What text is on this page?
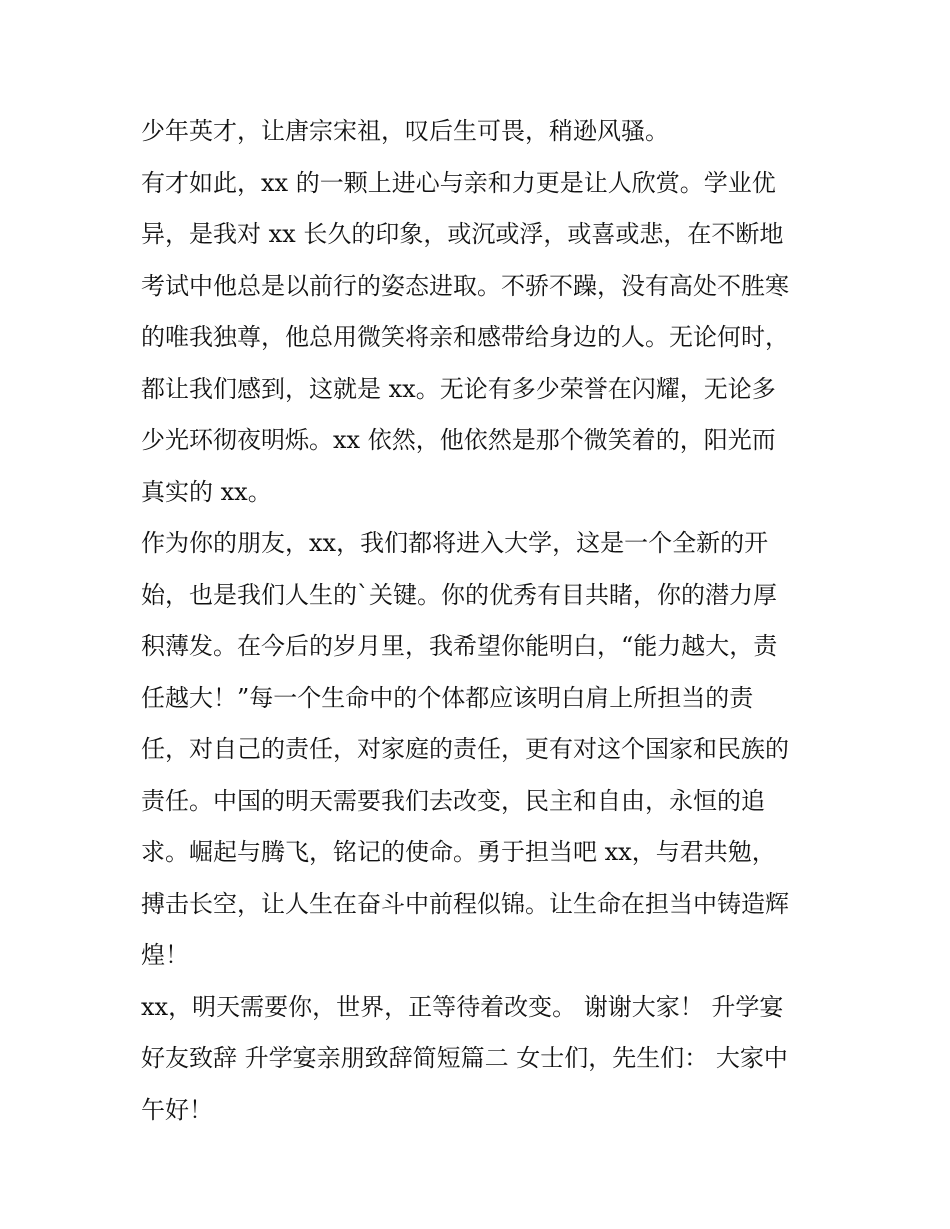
少年英才，让唐宗宋祖，叹后生可畏，稍逊风骚。
有才如此，xx 的一颗上进心与亲和力更是让人欣赏。学业优
异，是我对 xx 长久的印象，或沉或浮，或喜或悲，在不断地
考试中他总是以前行的姿态进取。不骄不躁，没有高处不胜寒
的唯我独尊，他总用微笑将亲和感带给身边的人。无论何时，
都让我们感到，这就是 xx。无论有多少荣誉在闪耀，无论多
少光环彻夜明烁。xx 依然，他依然是那个微笑着的，阳光而
真实的 xx。
作为你的朋友，xx，我们都将进入大学，这是一个全新的开
始，也是我们人生的`关键。你的优秀有目共睹，你的潜力厚
积薄发。在今后的岁月里，我希望你能明白，“能力越大，责
任越大！”每一个生命中的个体都应该明白肩上所担当的责
任，对自己的责任，对家庭的责任，更有对这个国家和民族的
责任。中国的明天需要我们去改变，民主和自由，永恒的追
求。崛起与腾飞，铭记的使命。勇于担当吧 xx，与君共勉，
搏击长空，让人生在奋斗中前程似锦。让生命在担当中铸造辉
煌！
xx，明天需要你，世界，正等待着改变。 谢谢大家！ 升学宴
好友致辞 升学宴亲朋致辞简短篇二 女士们，先生们： 大家中
午好！
